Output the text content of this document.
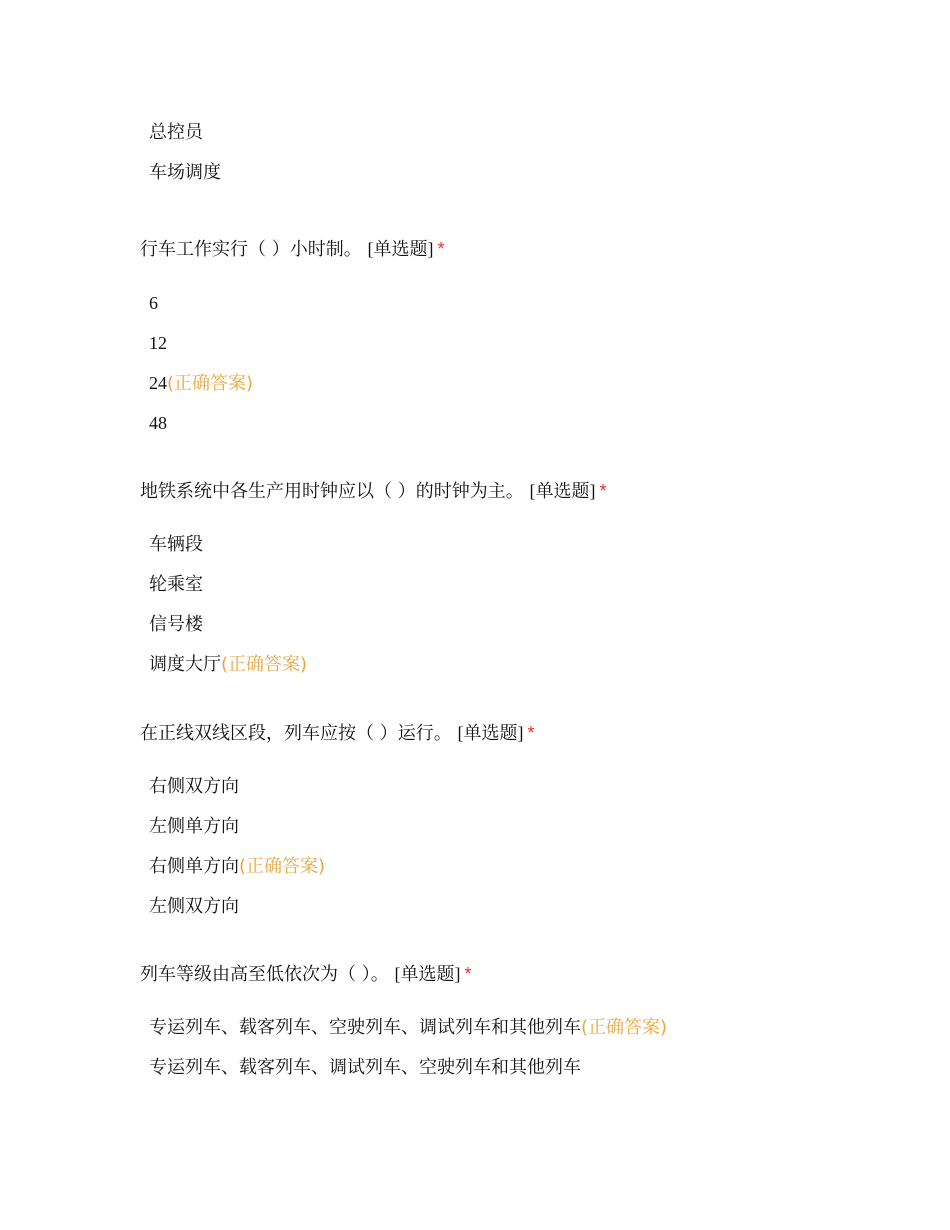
总控员
车场调度
行车工作实行（ ）小时制。 [单选题] *
6
12
24(正确答案)
48
地铁系统中各生产用时钟应以（ ）的时钟为主。 [单选题] *
车辆段
轮乘室
信号楼
调度大厅(正确答案)
在正线双线区段，列车应按（ ）运行。 [单选题] *
右侧双方向
左侧单方向
右侧单方向(正确答案)
左侧双方向
列车等级由高至低依次为（ ）。 [单选题] *
专运列车、载客列车、空驶列车、调试列车和其他列车(正确答案)
专运列车、载客列车、调试列车、空驶列车和其他列车
